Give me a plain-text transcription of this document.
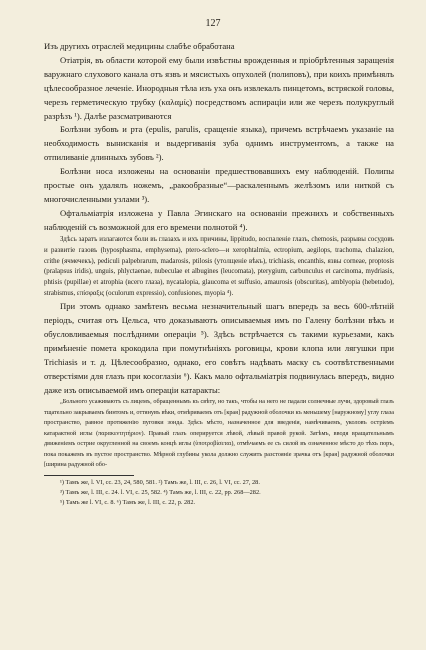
127

Изъ другихъ отраслей медицины слабѣе обработана

Отіатрія, въ области которой ему были извѣстны врожденныя и пріобрѣтенныя заращенія варужнаго слухового канала отъ язвъ и мясистыхъ опухолей (полиповъ), при коихъ примѣнялъ цѣлесообразное леченіе. Инородныя тѣла изъ уха онъ извлекалъ пинцетомъ, встряской головы, черезъ герметическую трубку (καλαμίς) посредствомъ аспираціи или же черезъ полукруглый разрѣзъ ¹). Далѣе разсматриваются

Болѣзни зубовъ и рта (epulis, parulis, сращеніе языка), причемъ встрѣчаемъ указаніе на необходимость вынисканія и выдергиванія зуба однимъ инструментомъ, а также на отпиливаніе длинныхъ зубовъ ²).

Болѣзни носа изложены на основаніи предшествовавшихъ ему наблюденій. Полипы простые онъ удалялъ ножемъ, „ракообразные“—раскаленнымъ желѣзомъ или ниткой съ многочисленными узлами ³).

Офтальміатрія изложена у Павла Эгинскаго на основаніи прежнихъ и собственныхъ наблюденій съ возможной для его времени полнотой ⁴).

Здѣсь заратъ излагаются боли въ глазахъ и ихъ причины, lippitudo, воспаленіе глазъ, chemosis, разрывы сосудовъ и развитіе газовъ (hyposphasma, emphysema), ptero-sclero—и xerophtalmia, ectropium, aegilops, trachoma, chalazion, crithe (ячмечекъ), pediculi palpebrarum, madarosis, ptilosis (утолщеніе вѣкъ), trichiasis, encanthis, язвы corneae, proptosis (pralapsus iridis), unguis, phlyctaenae, nubeculae et albugines (leucomata), pterygium, carbunculus et carcinoma, mydriasis, phtisis (pupillae) et atrophia (всего глаза), nycatalopia, glaucoma et suffusio, amaurosis (obscuritas), amblyopia (hebetudo), strabismus, επίσφαξις (oculorum expressio), confusiones, myopia ⁴).

При этомъ однако замѣтенъ весьма незначительный шагъ впередъ за весь 600-лѣтній періодъ, считая отъ Цельса, что доказываютъ описываемыя имъ по Галену болѣзни вѣкъ и обусловливаемыя послѣдними операціи ⁵). Здѣсь встрѣчается съ такими курьезами, какъ примѣненіе помета крокодила при помутнѣніяхъ роговицы, крови клопа или лягушки при Trichiasis и т. д. Цѣлесообразно, однако, его совѣтъ надѣвать маску съ соотвѣтственными отверстіями для глазъ при косоглазіи ⁶). Какъ мало офтальміатрія подвинулась впередъ, видно даже изъ описываемой имъ операціи катаракты:

„Больного усаживаютъ съ лицемъ, обращеннымъ къ свѣту, но такъ, чтобы на него не падали солнечные лучи, здоровый глазъ тщательно закрываемъ бинтомъ и, оттянувъ вѣки, отмѣриваемъ отъ [края] радужной оболочки къ меньшему [наружному] углу глаза пространство, равное протяженію пуговки зонда. Здѣсь мѣсто, назначенное для введенія, намѣчиваемъ, уколовъ остріемъ катарактной иглы (παρακεντητήριον). Правый глазъ оперируется лѣвой, лѣвый правой рукой. Затѣмъ, вводя вращательнымъ движеніемъ острие округленной на своемъ концѣ иглы (ὑποτροβίσεται), отмѣчаемъ ее съ силой въ означенное мѣсто до тѣхъ поръ, пока покажемъ въ пустое пространство. Мѣрной глубины укола должно служить разстояніе зрачка отъ [края] радужной оболочки [ширина радужной обо-

¹) Тамъ же, l. VI, cc. 23, 24, 580, 581. ²) Тамъ же, l. III, c. 26, l. VI, cc. 27, 28.

³) Тамъ же, l. III, c. 24. l. VI, c. 25, 582. ⁴) Тамъ же, l. III, c. 22, pp. 268—282.

⁵) Тамъ же l. VI, c. 8. ⁶) Тамъ же, l. III, c. 22, p. 282.
